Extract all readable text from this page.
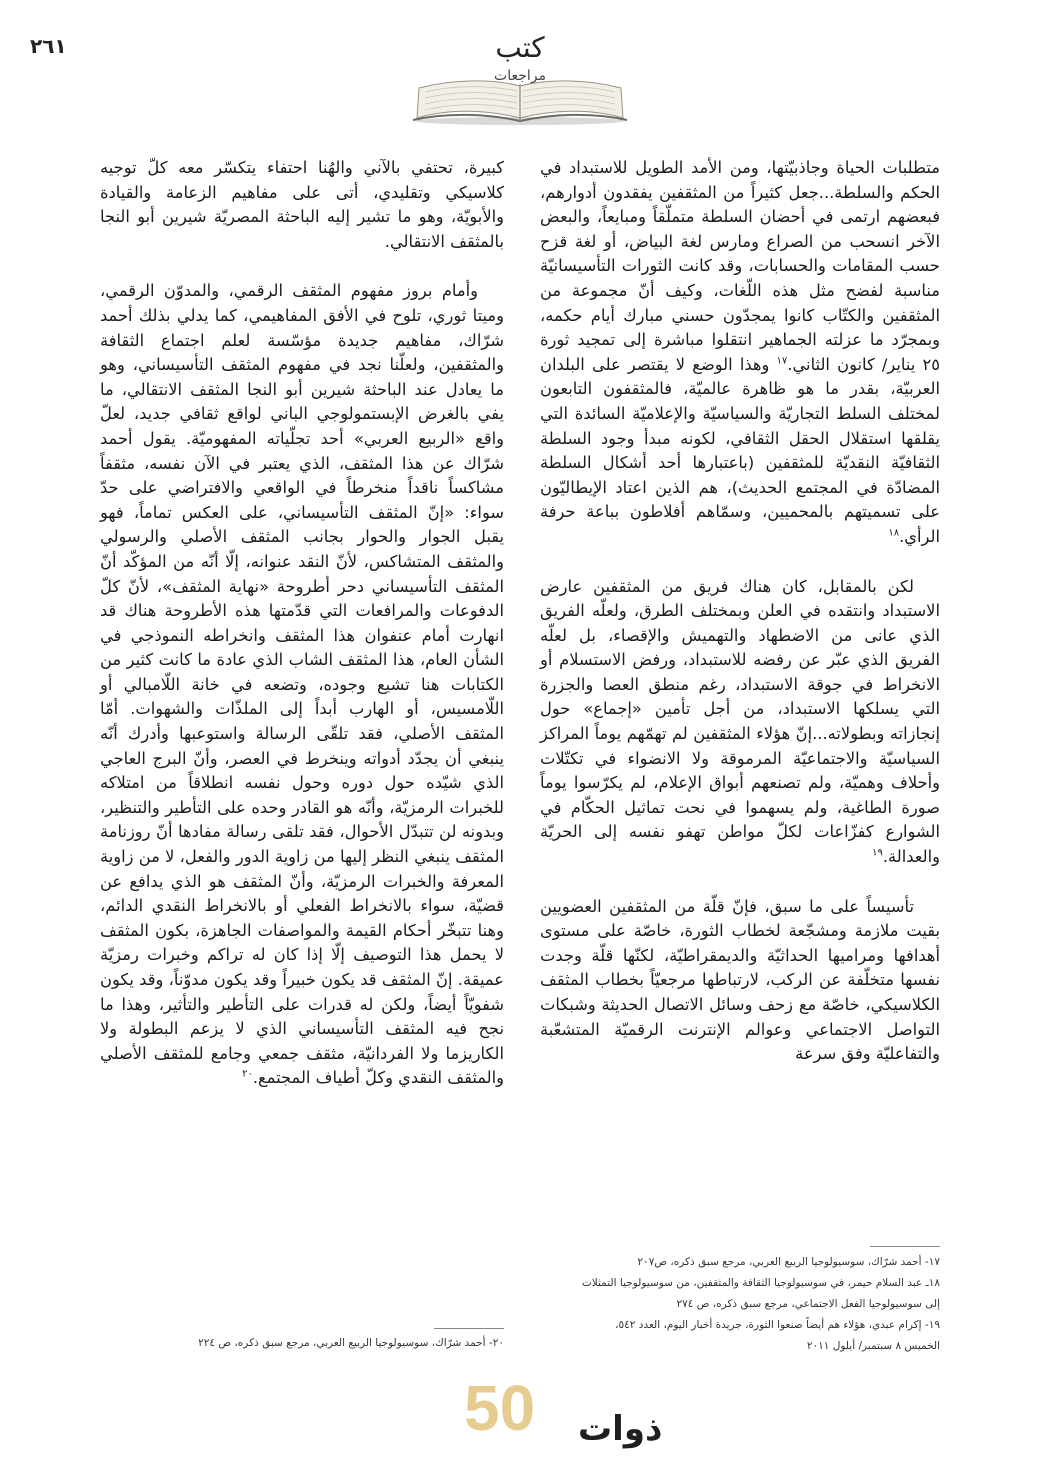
٢٦١	كتب
مراجعات

متطلبات الحياة وجاذبيّتها، ومن الأمد الطويل للاستبداد في الحكم والسلطة...جعل كثيراً من المثقفين يفقدون أدوارهم، فبعضهم ارتمى في أحضان السلطة متملّقاً ومبايعاً، والبعض الآخر انسحب من الصراع ومارس لغة البياض، أو لغة قزح حسب المقامات والحسابات، وقد كانت الثورات التأسيسانيّة مناسبة لفضح مثل هذه اللّغات، وكيف أنّ مجموعة من المثقفين والكتّاب كانوا يمجدّون حسني مبارك أيام حكمه، وبمجرّد ما عزلته الجماهير انتقلوا مباشرة إلى تمجيد ثورة ٢٥ يناير/ كانون الثاني.$^{١٧}$ وهذا الوضع لا يقتصر على البلدان العربيّة، بقدر ما هو ظاهرة عالميّة، فالمثقفون التابعون لمختلف السلط التجاريّة والسياسيّة والإعلاميّة السائدة التي يقلقها استقلال الحقل الثقافي، لكونه مبدأ وجود السلطة الثقافيّة النقديّة للمثقفين (باعتبارها أحد أشكال السلطة المضادّة في المجتمع الحديث)، هم الذين اعتاد الإيطاليّون على تسميتهم بالمحميين، وسمّاهم أفلاطون بباعة حرفة الرأي.$^{١٨}$

لكن بالمقابل، كان هناك فريق من المثقفين عارض الاستبداد وانتقده في العلن وبمختلف الطرق، ولعلّه الفريق الذي عانى من الاضطهاد والتهميش والإقصاء، بل لعلّه الفريق الذي عبّر عن رفضه للاستبداد، ورفض الاستسلام أو الانخراط في جوقة الاستبداد، رغم منطق العصا والجزرة التي يسلكها الاستبداد، من أجل تأمين «إجماع» حول إنجازاته وبطولاته...إنّ هؤلاء المثقفين لم تهمّهم يوماً المراكز السياسيّة والاجتماعيّة المرموقة ولا الانضواء في تكتّلات وأحلاف وهميّة، ولم تصنعهم أبواق الإعلام، لم يكرّسوا يوماً صورة الطاغية، ولم يسهموا في نحت تماثيل الحكّام في الشوارع كفزّاعات لكلّ مواطن تهفو نفسه إلى الحريّة والعدالة.$^{١٩}$

تأسيساً على ما سبق، فإنّ قلّة من المثقفين العضويين بقيت ملازمة ومشجّعة لخطاب الثورة، خاصّة على مستوى أهدافها ومراميها الحداثيّة والديمقراطيّة، لكنّها قلّة وجدت نفسها متخلّفة عن الركب، لارتباطها مرجعيّاً بخطاب المثقف الكلاسيكي، خاصّة مع زحف وسائل الاتصال الحديثة وشبكات التواصل الاجتماعي وعوالم الإنترنت الرقميّة المتشعّبة والتفاعليّة وفق سرعة

كبيرة، تحتفي بالآني والهُنا احتفاء يتكسّر معه كلّ توجيه كلاسيكي وتقليدي، أتى على مفاهيم الزعامة والقيادة والأبويّة، وهو ما تشير إليه الباحثة المصريّة شيرين أبو النجا بالمثقف الانتقالي.

وأمام بروز مفهوم المثقف الرقمي، والمدوّن الرقمي، وميتا ثوري، تلوح في الأفق المفاهيمي، كما يدلي بذلك أحمد شرّاك، مفاهيم جديدة مؤسّسة لعلم اجتماع الثقافة والمثقفين، ولعلّنا نجد في مفهوم المثقف التأسيساني، وهو ما يعادل عند الباحثة شيرين أبو النجا المثقف الانتقالي، ما يفي بالغرض الإبستمولوجي الباني لواقع ثقافي جديد، لعلّ واقع «الربيع العربي» أحد تجلّياته المفهوميّة. يقول أحمد شرّاك عن هذا المثقف، الذي يعتبر في الآن نفسه، مثقفاً مشاكساً ناقداً منخرطاً في الواقعي والافتراضي على حدّ سواء: «إنّ المثقف التأسيساني، على العكس تماماً، فهو يقبل الجوار والحوار بجانب المثقف الأصلي والرسولي والمثقف المتشاكس، لأنّ النقد عنوانه، إلّا أنّه من المؤكّد أنّ المثقف التأسيساني دحر أطروحة «نهاية المثقف»، لأنّ كلّ الدفوعات والمرافعات التي قدّمتها هذه الأطروحة هناك قد انهارت أمام عنفوان هذا المثقف وانخراطه النموذجي في الشأن العام، هذا المثقف الشاب الذي عادة ما كانت كثير من الكتابات هنا تشيع وجوده، وتضعه في خانة اللّامبالي أو اللّامسيس، أو الهارب أبداً إلى الملذّات والشهوات. أمّا المثقف الأصلي، فقد تلقّى الرسالة واستوعبها وأدرك أنّه ينبغي أن يجدّد أدواته وينخرط في العصر، وأنّ البرج العاجي الذي شيّده حول دوره وحول نفسه انطلاقاً من امتلاكه للخبرات الرمزيّة، وأنّه هو القادر وحده على التأطير والتنظير، وبدونه لن تتبدّل الأحوال، فقد تلقى رسالة مفادها أنّ روزنامة المثقف ينبغي النظر إليها من زاوية الدور والفعل، لا من زاوية المعرفة والخبرات الرمزيّة، وأنّ المثقف هو الذي يدافع عن قضيّة، سواء بالانخراط الفعلي أو بالانخراط النقدي الدائم، وهنا تتبخّر أحكام القيمة والمواصفات الجاهزة، بكون المثقف لا يحمل هذا التوصيف إلّا إذا كان له تراكم وخبرات رمزيّة عميقة. إنّ المثقف قد يكون خبيراً وقد يكون مدوّناً، وقد يكون شفويّاً أيضاً، ولكن له قدرات على التأطير والتأثير، وهذا ما نجح فيه المثقف التأسيساني الذي لا يزعم البطولة ولا الكاريزما ولا الفردانيّة، مثقف جمعي وجامع للمثقف الأصلي والمثقف النقدي وكلّ أطياف المجتمع.$^{٢٠}$

١٧- أحمد شرّاك، سوسيولوجيا الربيع العربي، مرجع سبق ذكره، ص٢٠٧
١٨ـ عبد السلام حيمر، في سوسيولوجيا الثقافة والمثقفين، من سوسيولوجيا التمثلات
إلى سوسيولوجيا الفعل الاجتماعي، مرجع سبق ذكره، ص ٢٧٤
١٩- إكرام عبدي، هؤلاء هم أيضاً صنعوا الثورة، جريدة أخبار اليوم، العدد ٥٤٢،
الخميس ٨ سبتمبر/ أيلول ٢٠١١
٢٠- أحمد شرّاك، سوسيولوجيا الربيع العربي، مرجع سبق ذكره، ص ٢٢٤
50 ذوات
